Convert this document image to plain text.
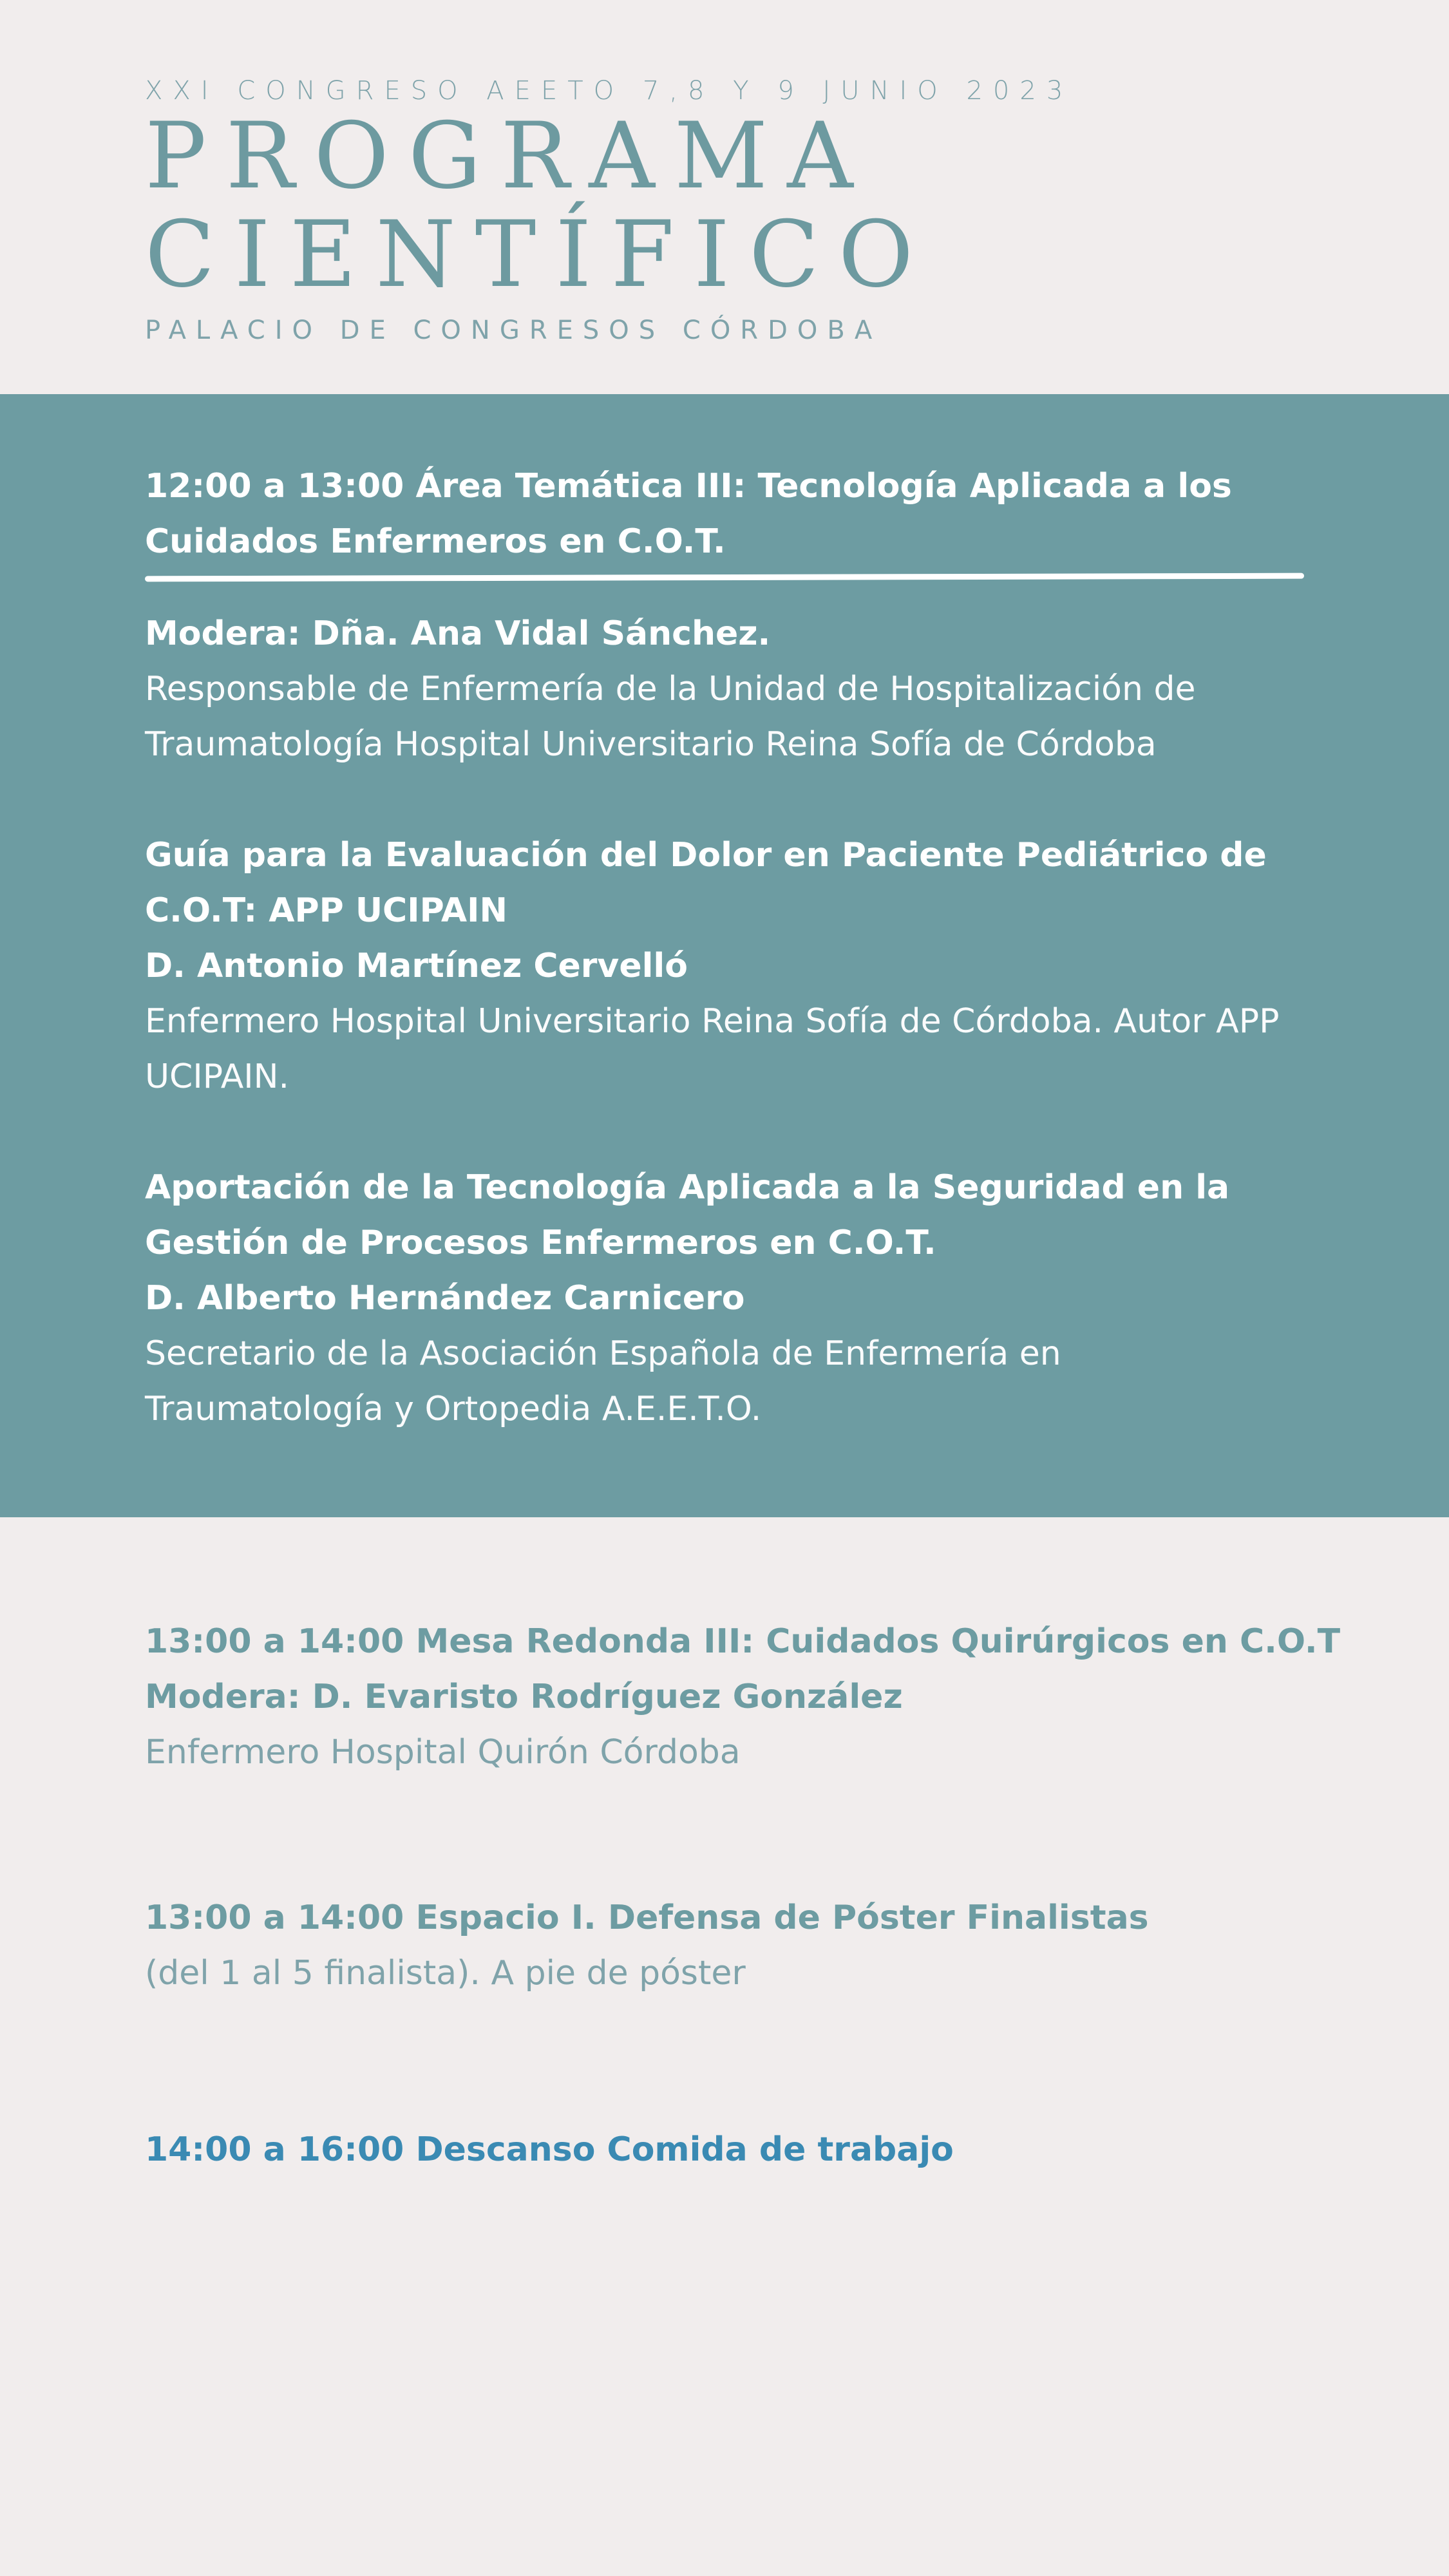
XXI CONGRESO AEETO 7,8 Y 9 JUNIO 2023
PROGRAMA
CIENTÍFICO
PALACIO DE CONGRESOS CÓRDOBA

12:00 a 13:00 Área Temática III: Tecnología Aplicada a los

Cuidados Enfermeros en C.O.T.

Modera: Dña. Ana Vidal Sánchez.

Responsable de Enfermería de la Unidad de Hospitalización de

Traumatología Hospital Universitario Reina Sofía de Córdoba

Guía para la Evaluación del Dolor en Paciente Pediátrico de

C.O.T: APP UCIPAIN

D. Antonio Martínez Cervelló

Enfermero Hospital Universitario Reina Sofía de Córdoba. Autor APP

UCIPAIN.

Aportación de la Tecnología Aplicada a la Seguridad en la

Gestión de Procesos Enfermeros en C.O.T.

D. Alberto Hernández Carnicero

Secretario de la Asociación Española de Enfermería en

Traumatología y Ortopedia A.E.E.T.O.

13:00 a 14:00 Mesa Redonda III: Cuidados Quirúrgicos en C.O.T

Modera: D. Evaristo Rodríguez González

Enfermero Hospital Quirón Córdoba

13:00 a 14:00 Espacio I. Defensa de Póster Finalistas

(del 1 al 5 finalista). A pie de póster

14:00 a 16:00 Descanso Comida de trabajo
